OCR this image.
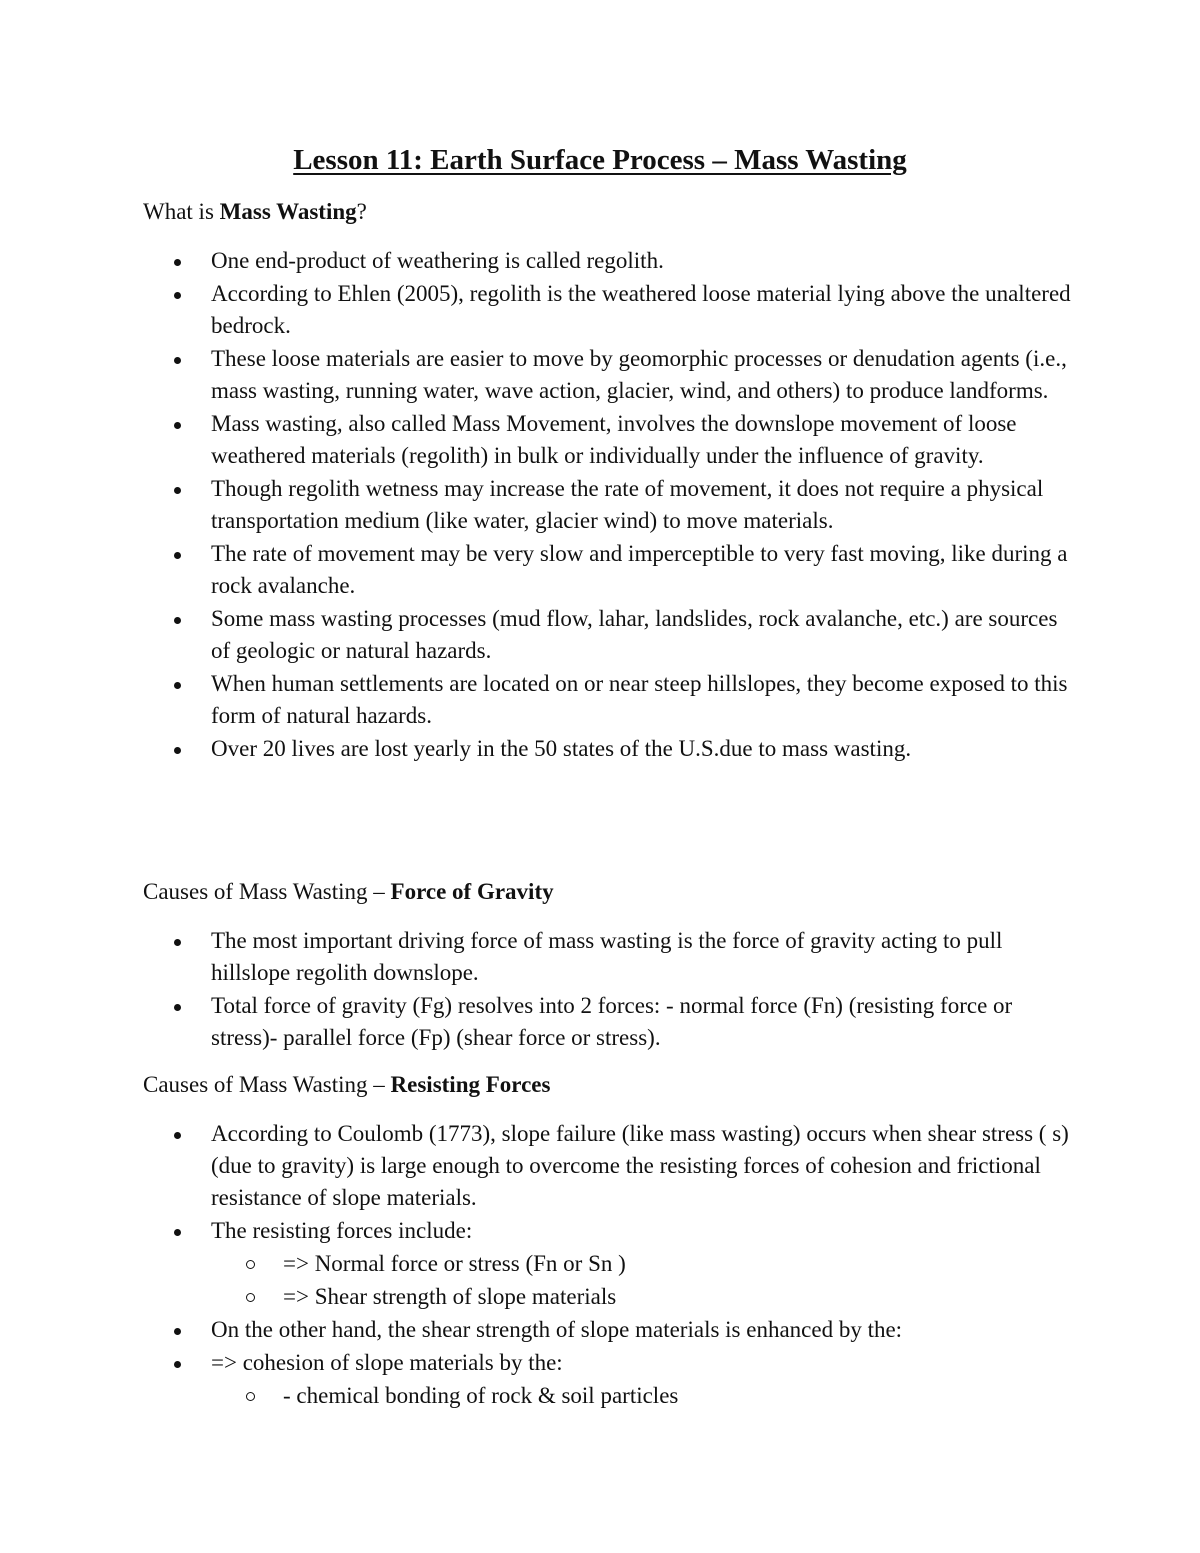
Lesson 11: Earth Surface Process – Mass Wasting
What is Mass Wasting?
One end-product of weathering is called regolith.
According to Ehlen (2005), regolith is the weathered loose material lying above the unaltered bedrock.
These loose materials are easier to move by geomorphic processes or denudation agents (i.e., mass wasting, running water, wave action, glacier, wind, and others) to produce landforms.
Mass wasting, also called Mass Movement, involves the downslope movement of loose weathered materials (regolith) in bulk or individually under the influence of gravity.
Though regolith wetness may increase the rate of movement, it does not require a physical transportation medium (like water, glacier wind) to move materials.
The rate of movement may be very slow and imperceptible to very fast moving, like during a rock avalanche.
Some mass wasting processes (mud flow, lahar, landslides, rock avalanche, etc.) are sources of geologic or natural hazards.
When human settlements are located on or near steep hillslopes, they become exposed to this form of natural hazards.
Over 20 lives are lost yearly in the 50 states of the U.S.due to mass wasting.
Causes of Mass Wasting – Force of Gravity
The most important driving force of mass wasting is the force of gravity acting to pull hillslope regolith downslope.
Total force of gravity (Fg) resolves into 2 forces: - normal force (Fn) (resisting force or stress)- parallel force (Fp) (shear force or stress).
Causes of Mass Wasting – Resisting Forces
According to Coulomb (1773), slope failure (like mass wasting) occurs when shear stress ( s) (due to gravity) is large enough to overcome the resisting forces of cohesion and frictional resistance of slope materials.
The resisting forces include:
=> Normal force or stress (Fn or Sn )
=> Shear strength of slope materials
On the other hand, the shear strength of slope materials is enhanced by the:
=> cohesion of slope materials by the:
- chemical bonding of rock & soil particles
